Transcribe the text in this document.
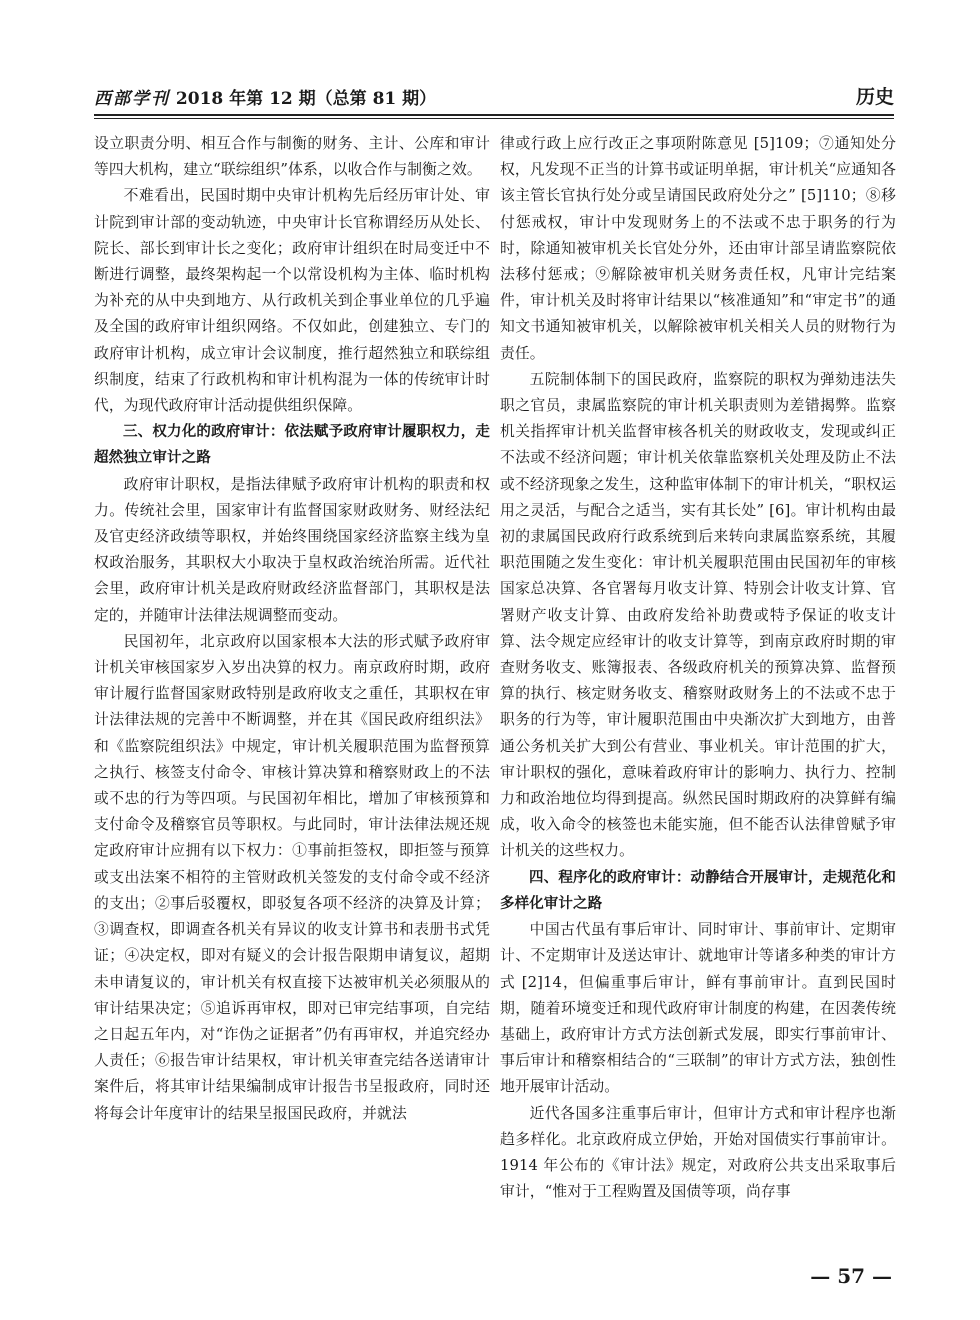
西部学刊 2018 年第 12 期（总第 81 期）	历史

设立职责分明、相互合作与制衡的财务、主计、公库和审计等四大机构，建立“联综组织”体系，以收合作与制衡之效。

不难看出，民国时期中央审计机构先后经历审计处、审计院到审计部的变动轨迹，中央审计长官称谓经历从处长、院长、部长到审计长之变化；政府审计组织在时局变迁中不断进行调整，最终架构起一个以常设机构为主体、临时机构为补充的从中央到地方、从行政机关到企事业单位的几乎遍及全国的政府审计组织网络。不仅如此，创建独立、专门的政府审计机构，成立审计会议制度，推行超然独立和联综组织制度，结束了行政机构和审计机构混为一体的传统审计时代，为现代政府审计活动提供组织保障。

三、权力化的政府审计：依法赋予政府审计履职权力，走超然独立审计之路

政府审计职权，是指法律赋予政府审计机构的职责和权力。传统社会里，国家审计有监督国家财政财务、财经法纪及官吏经济政绩等职权，并始终围绕国家经济监察主线为皇权政治服务，其职权大小取决于皇权政治统治所需。近代社会里，政府审计机关是政府财政经济监督部门，其职权是法定的，并随审计法律法规调整而变动。

民国初年，北京政府以国家根本大法的形式赋予政府审计机关审核国家岁入岁出决算的权力。南京政府时期，政府审计履行监督国家财政特别是政府收支之重任，其职权在审计法律法规的完善中不断调整，并在其《国民政府组织法》和《监察院组织法》中规定，审计机关履职范围为监督预算之执行、核签支付命令、审核计算决算和稽察财政上的不法或不忠的行为等四项。与民国初年相比，增加了审核预算和支付命令及稽察官员等职权。与此同时，审计法律法规还规定政府审计应拥有以下权力：①事前拒签权，即拒签与预算或支出法案不相符的主管财政机关签发的支付命令或不经济的支出；②事后驳覆权，即驳复各项不经济的决算及计算；③调查权，即调查各机关有异议的收支计算书和表册书式凭证；④决定权，即对有疑义的会计报告限期申请复议，超期未申请复议的，审计机关有权直接下达被审机关必须服从的审计结果决定；⑤追诉再审权，即对已审完结事项，自完结之日起五年内，对“诈伪之证据者”仍有再审权，并追究经办人责任；⑥报告审计结果权，审计机关审查完结各送请审计案件后，将其审计结果编制成审计报告书呈报政府，同时还将每会计年度审计的结果呈报国民政府，并就法

律或行政上应行改正之事项附陈意见 [5]109；⑦通知处分权，凡发现不正当的计算书或证明单据，审计机关“应通知各该主管长官执行处分或呈请国民政府处分之” [5]110；⑧移付惩戒权，审计中发现财务上的不法或不忠于职务的行为时，除通知被审机关长官处分外，还由审计部呈请监察院依法移付惩戒；⑨解除被审机关财务责任权，凡审计完结案件，审计机关及时将审计结果以“核准通知”和“审定书”的通知文书通知被审机关，以解除被审机关相关人员的财物行为责任。

五院制体制下的国民政府，监察院的职权为弹劾违法失职之官员，隶属监察院的审计机关职责则为差错揭弊。监察机关指挥审计机关监督审核各机关的财政收支，发现或纠正不法或不经济问题；审计机关依靠监察机关处理及防止不法或不经济现象之发生，这种监审体制下的审计机关，“职权运用之灵活，与配合之适当，实有其长处” [6]。审计机构由最初的隶属国民政府行政系统到后来转向隶属监察系统，其履职范围随之发生变化：审计机关履职范围由民国初年的审核国家总决算、各官署每月收支计算、特别会计收支计算、官署财产收支计算、由政府发给补助费或特予保证的收支计算、法令规定应经审计的收支计算等，到南京政府时期的审查财务收支、账簿报表、各级政府机关的预算决算、监督预算的执行、核定财务收支、稽察财政财务上的不法或不忠于职务的行为等，审计履职范围由中央渐次扩大到地方，由普通公务机关扩大到公有营业、事业机关。审计范围的扩大，审计职权的强化，意味着政府审计的影响力、执行力、控制力和政治地位均得到提高。纵然民国时期政府的决算鲜有编成，收入命令的核签也未能实施，但不能否认法律曾赋予审计机关的这些权力。

四、程序化的政府审计：动静结合开展审计，走规范化和多样化审计之路

中国古代虽有事后审计、同时审计、事前审计、定期审计、不定期审计及送达审计、就地审计等诸多种类的审计方式 [2]14，但偏重事后审计，鲜有事前审计。直到民国时期，随着环境变迁和现代政府审计制度的构建，在因袭传统基础上，政府审计方式方法创新式发展，即实行事前审计、事后审计和稽察相结合的“三联制”的审计方式方法，独创性地开展审计活动。

近代各国多注重事后审计，但审计方式和审计程序也渐趋多样化。北京政府成立伊始，开始对国债实行事前审计。1914 年公布的《审计法》规定，对政府公共支出采取事后审计，“惟对于工程购置及国债等项，尚存事

— 57 —
